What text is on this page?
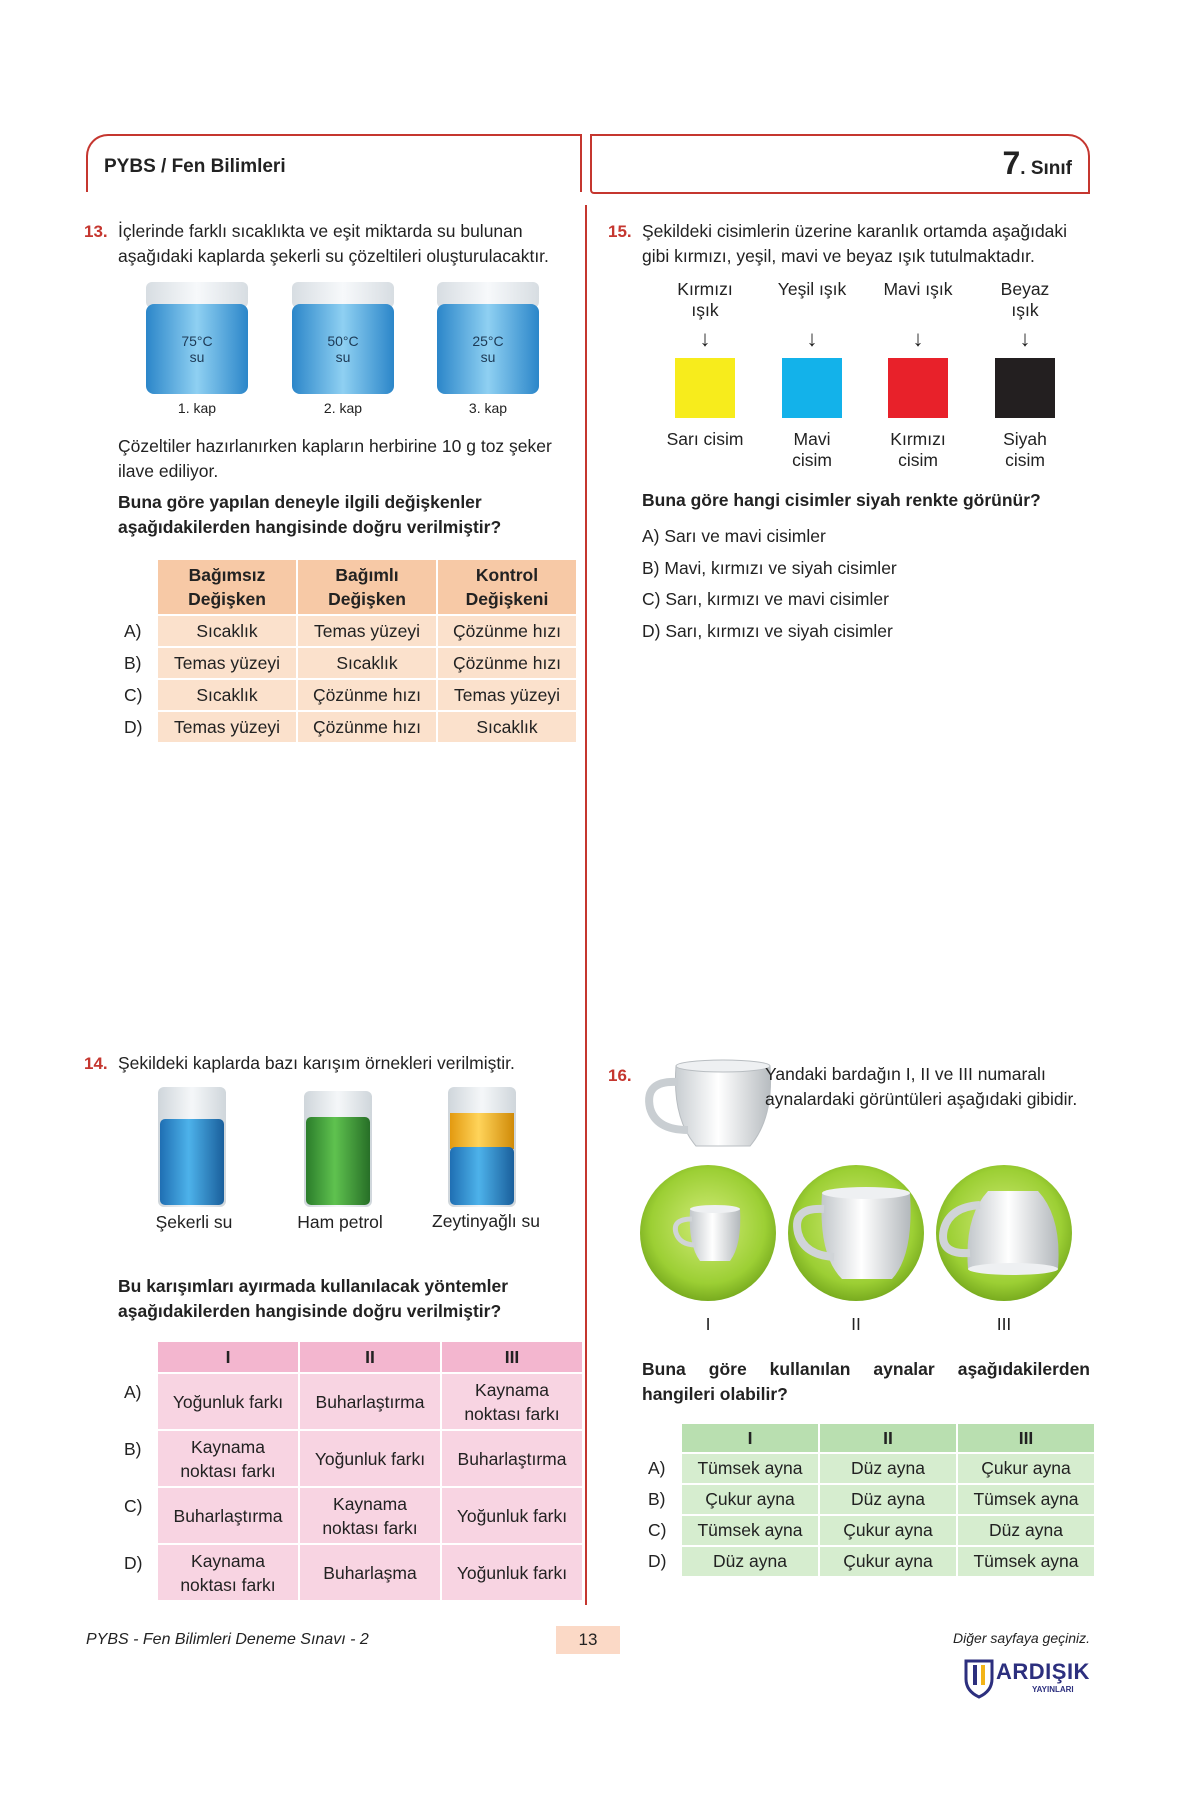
PYBS / Fen Bilimleri	7. Sınıf
13. İçlerinde farklı sıcaklıkta ve eşit miktarda su bulunan aşağıdaki kaplarda şekerli su çözeltileri oluşturulacaktır.
75°C
su
50°C
su
25°C
su
1. kap	2. kap	3. kap
Çözeltiler hazırlanırken kapların herbirine 10 g toz şeker ilave ediliyor.
Buna göre yapılan deneyle ilgili değişkenler aşağıdakilerden hangisinde doğru verilmiştir?
	Bağımsız Değişken	Bağımlı Değişken	Kontrol Değişkeni
A)	Sıcaklık	Temas yüzeyi	Çözünme hızı
B)	Temas yüzeyi	Sıcaklık	Çözünme hızı
C)	Sıcaklık	Çözünme hızı	Temas yüzeyi
D)	Temas yüzeyi	Çözünme hızı	Sıcaklık
14. Şekildeki kaplarda bazı karışım örnekleri verilmiştir.
Şekerli su	Ham petrol	Zeytinyağlı su
Bu karışımları ayırmada kullanılacak yöntemler aşağıdakilerden hangisinde doğru verilmiştir?
	I	II	III
A)	Yoğunluk farkı	Buharlaştırma	Kaynama noktası farkı
B)	Kaynama noktası farkı	Yoğunluk farkı	Buharlaştırma
C)	Buharlaştırma	Kaynama noktası farkı	Yoğunluk farkı
D)	Kaynama noktası farkı	Buharlaşma	Yoğunluk farkı
15. Şekildeki cisimlerin üzerine karanlık ortamda aşağıdaki gibi kırmızı, yeşil, mavi ve beyaz ışık tutulmaktadır.
Kırmızı ışık
Yeşil ışık	Mavi ışık	Beyaz ışık
↓	↓	↓	↓
Sarı cisim	Mavi cisim
Kırmızı cisim
Siyah cisim
Buna göre hangi cisimler siyah renkte görünür?
A) Sarı ve mavi cisimler
B) Mavi, kırmızı ve siyah cisimler
C) Sarı, kırmızı ve mavi cisimler
D) Sarı, kırmızı ve siyah cisimler
16.	Yandaki bardağın I, II ve III numaralı aynalardaki görüntüleri aşağıdaki gibidir.
I	II	III
Buna göre kullanılan aynalar aşağıdakilerden hangileri olabilir?
	I	II	III
A)	Tümsek ayna	Düz ayna	Çukur ayna
B)	Çukur ayna	Düz ayna	Tümsek ayna
C)	Tümsek ayna	Çukur ayna	Düz ayna
D)	Düz ayna	Çukur ayna	Tümsek ayna
PYBS - Fen Bilimleri Deneme Sınavı - 2	13	Diğer sayfaya geçiniz.
ARDIŞIK
YAYINLARI
